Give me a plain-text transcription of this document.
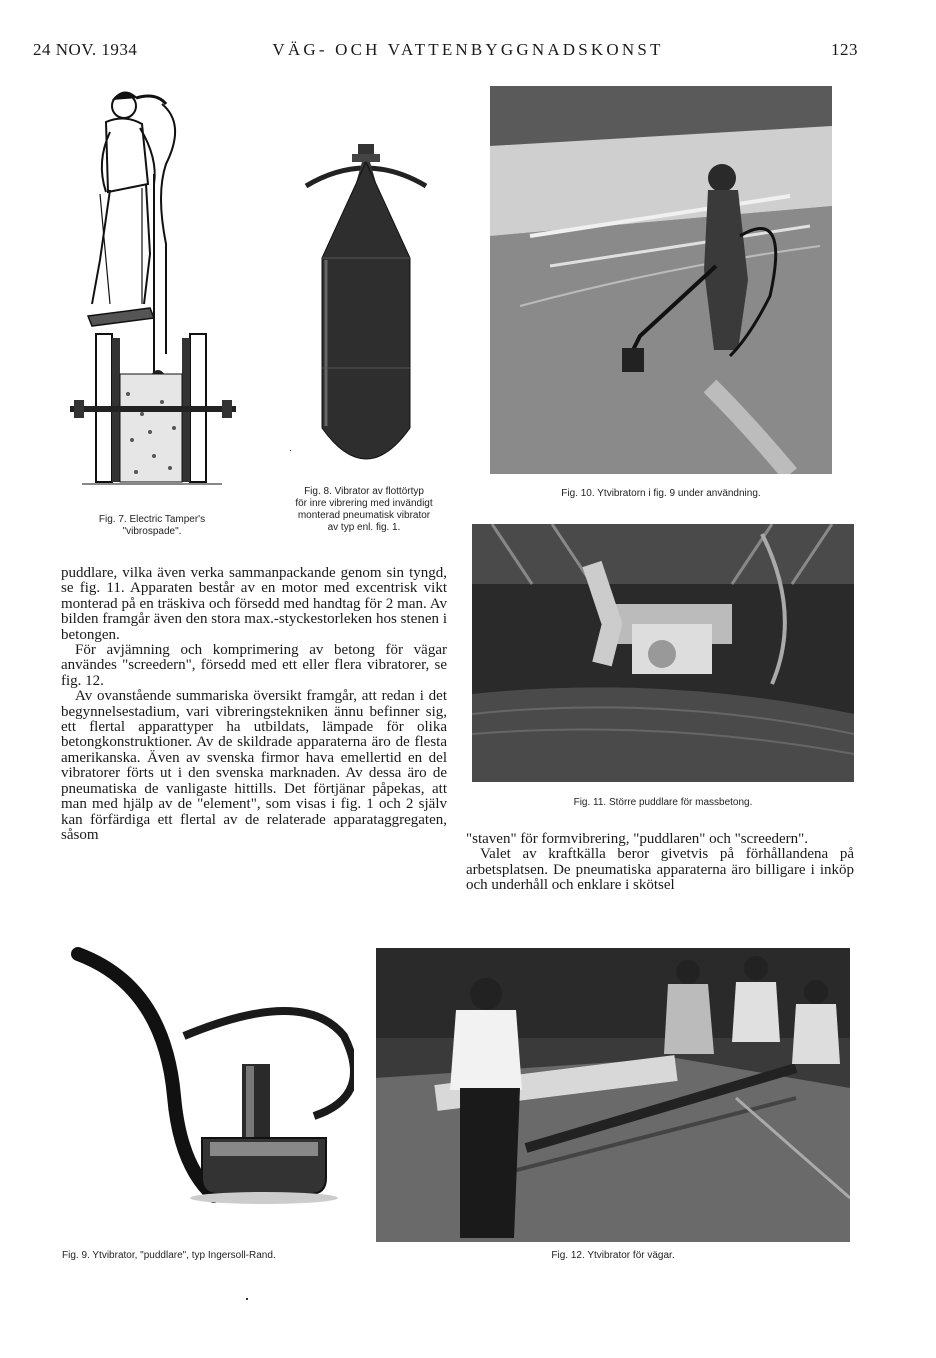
24 NOV. 1934	VÄG- OCH VATTENBYGGNADSKONST	123
Fig. 7. Electric Tamper's
"vibrospade".
Fig. 8. Vibrator av flottörtyp
för inre vibrering med invändigt
monterad pneumatisk vibrator
av typ enl. fig. 1.
Fig. 10. Ytvibratorn i fig. 9 under användning.
Fig. 11. Större puddlare för massbetong.

puddlare, vilka även verka sammanpackande genom sin tyngd, se fig. 11. Apparaten består av en motor med excentrisk vikt monterad på en träskiva och försedd med handtag för 2 man. Av bilden framgår även den stora max.-styckestorleken hos stenen i betongen.

För avjämning och komprimering av betong för vägar användes "screedern", försedd med ett eller flera vibratorer, se fig. 12.

Av ovanstående summariska översikt framgår, att redan i det begynnelsestadium, vari vibreringstekniken ännu befinner sig, ett flertal apparattyper ha utbildats, lämpade för olika betongkonstruktioner. Av de skildrade apparaterna äro de flesta amerikanska. Även av svenska firmor hava emellertid en del vibratorer förts ut i den svenska marknaden. Av dessa äro de pneumatiska de vanligaste hittills. Det förtjänar påpekas, att man med hjälp av de "element", som visas i fig. 1 och 2 själv kan förfärdiga ett flertal av de relaterade apparataggregaten, såsom	"staven" för formvibrering, "puddlaren" och "screedern".

Valet av kraftkälla beror givetvis på förhållandena på arbetsplatsen. De pneumatiska apparaterna äro billigare i inköp och underhåll och enklare i skötsel

Fig. 9. Ytvibrator, "puddlare", typ Ingersoll-Rand.	Fig. 12. Ytvibrator för vägar.
